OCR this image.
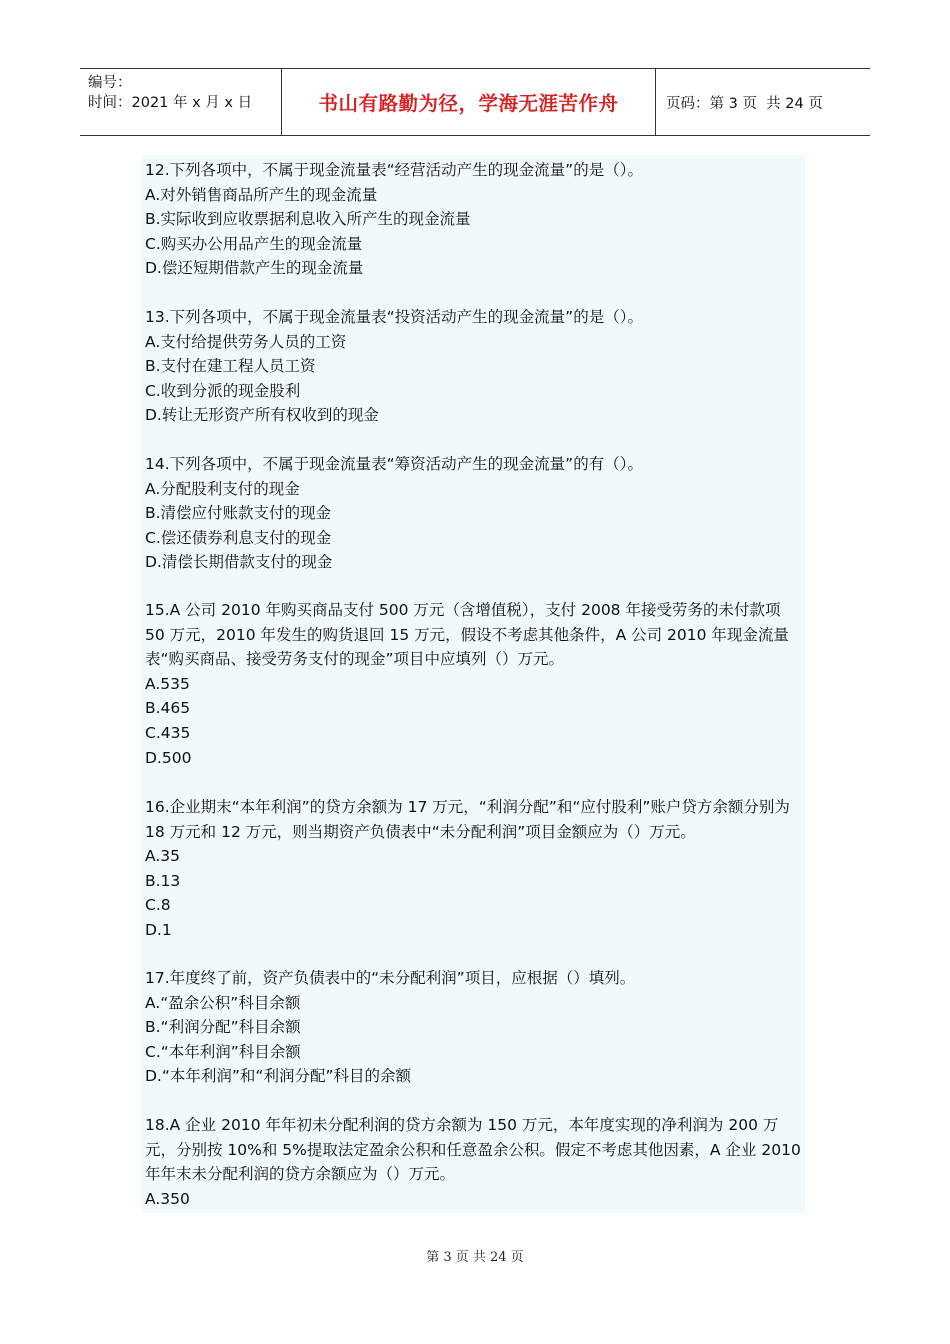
编号：
时间：2021 年 x 月 x 日	书山有路勤为径，学海无涯苦作舟	页码：第 3 页  共 24 页

12.下列各项中，不属于现金流量表“经营活动产生的现金流量”的是（）。

A.对外销售商品所产生的现金流量

B.实际收到应收票据利息收入所产生的现金流量

C.购买办公用品产生的现金流量

D.偿还短期借款产生的现金流量

13.下列各项中，不属于现金流量表“投资活动产生的现金流量”的是（）。

A.支付给提供劳务人员的工资

B.支付在建工程人员工资

C.收到分派的现金股利

D.转让无形资产所有权收到的现金

14.下列各项中，不属于现金流量表“筹资活动产生的现金流量”的有（）。

A.分配股利支付的现金

B.清偿应付账款支付的现金

C.偿还债券利息支付的现金

D.清偿长期借款支付的现金

15.A 公司 2010 年购买商品支付 500 万元（含增值税），支付 2008 年接受劳务的未付款项 50 万元，2010 年发生的购货退回 15 万元，假设不考虑其他条件，A 公司 2010 年现金流量表“购买商品、接受劳务支付的现金”项目中应填列（）万元。

A.535

B.465

C.435

D.500

16.企业期末“本年利润”的贷方余额为 17 万元，“利润分配”和“应付股利”账户贷方余额分别为 18 万元和 12 万元，则当期资产负债表中“未分配利润”项目金额应为（）万元。

A.35

B.13

C.8

D.1

17.年度终了前，资产负债表中的“未分配利润”项目，应根据（）填列。

A.“盈余公积”科目余额

B.“利润分配”科目余额

C.“本年利润”科目余额

D.“本年利润”和“利润分配”科目的余额

18.A 企业 2010 年年初未分配利润的贷方余额为 150 万元，本年度实现的净利润为 200 万元，分别按 10%和 5%提取法定盈余公积和任意盈余公积。假定不考虑其他因素，A 企业 2010 年年末未分配利润的贷方余额应为（）万元。

A.350

第 3 页 共 24 页
